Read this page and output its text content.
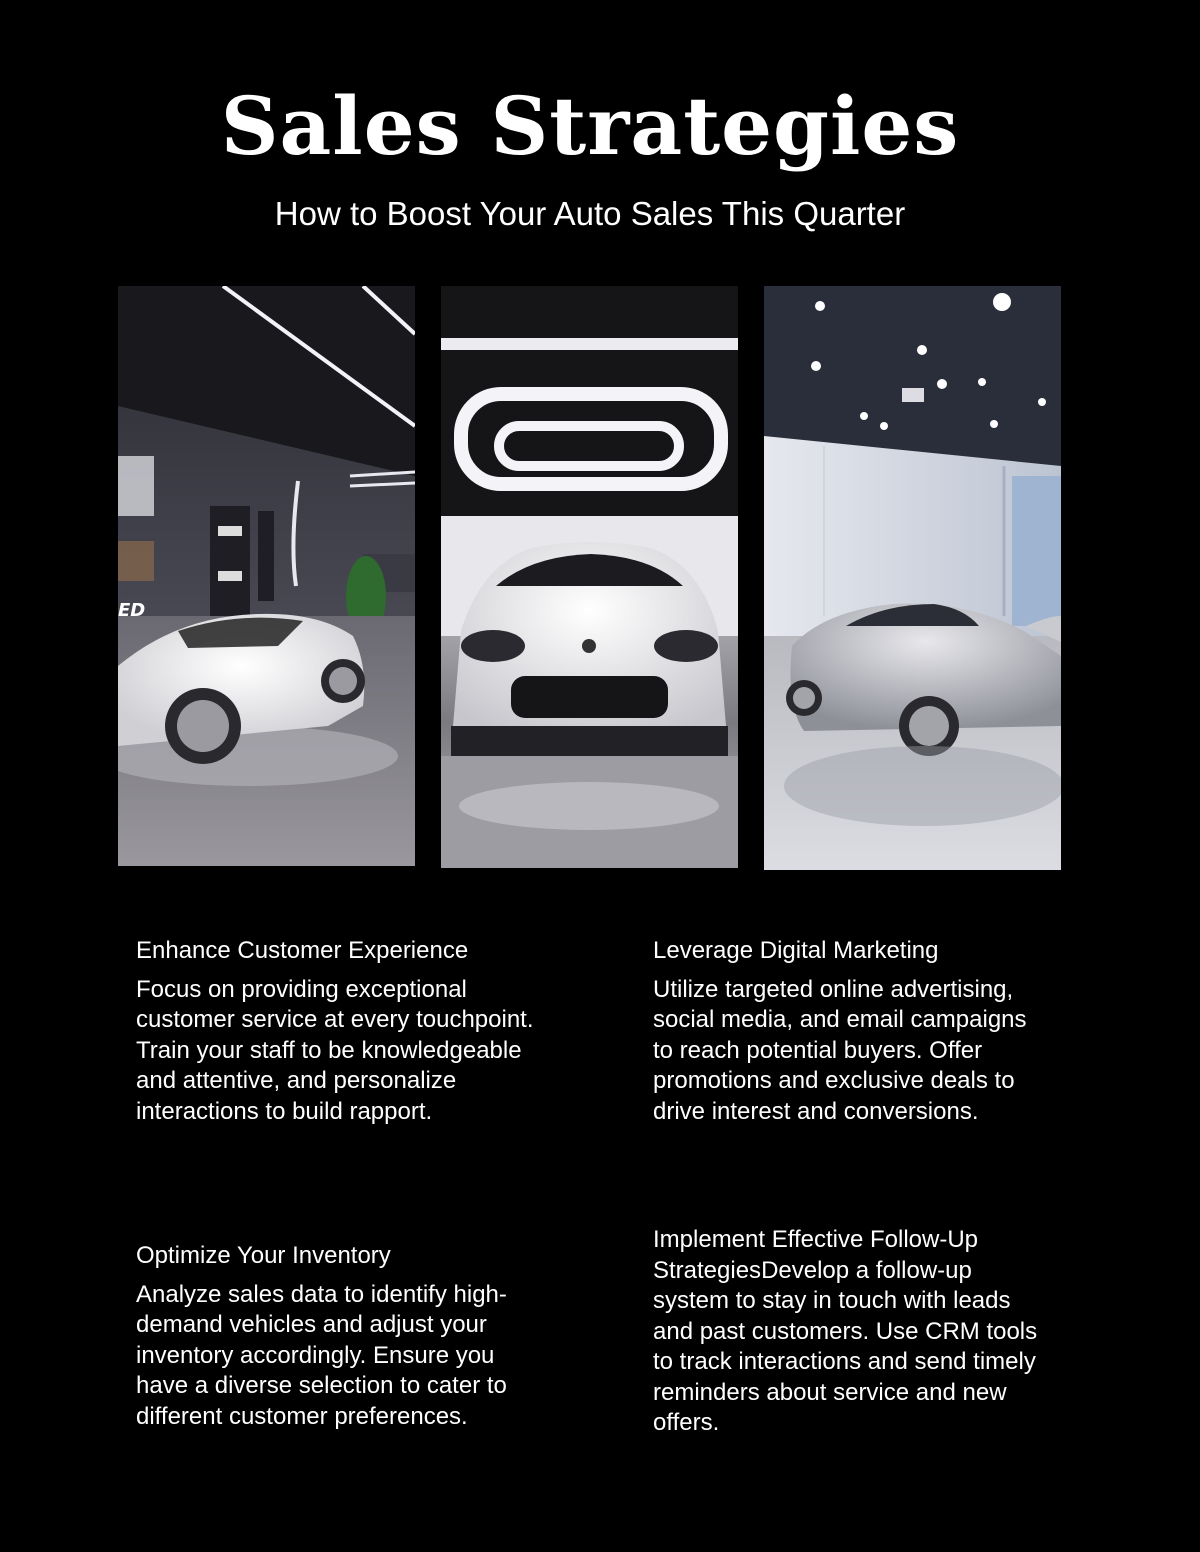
Sales Strategies

How to Boost Your Auto Sales This Quarter

ED
Enhance Customer Experience
Focus on providing exceptional customer service at every touchpoint. Train your staff to be knowledgeable and attentive, and personalize interactions to build rapport.
Leverage Digital Marketing
Utilize targeted online advertising, social media, and email campaigns to reach potential buyers. Offer promotions and exclusive deals to drive interest and conversions.
Optimize Your Inventory
Analyze sales data to identify high-demand vehicles and adjust your inventory accordingly. Ensure you have a diverse selection to cater to different customer preferences.
Implement Effective Follow-Up StrategiesDevelop a follow-up system to stay in touch with leads and past customers. Use CRM tools to track interactions and send timely reminders about service and new offers.
